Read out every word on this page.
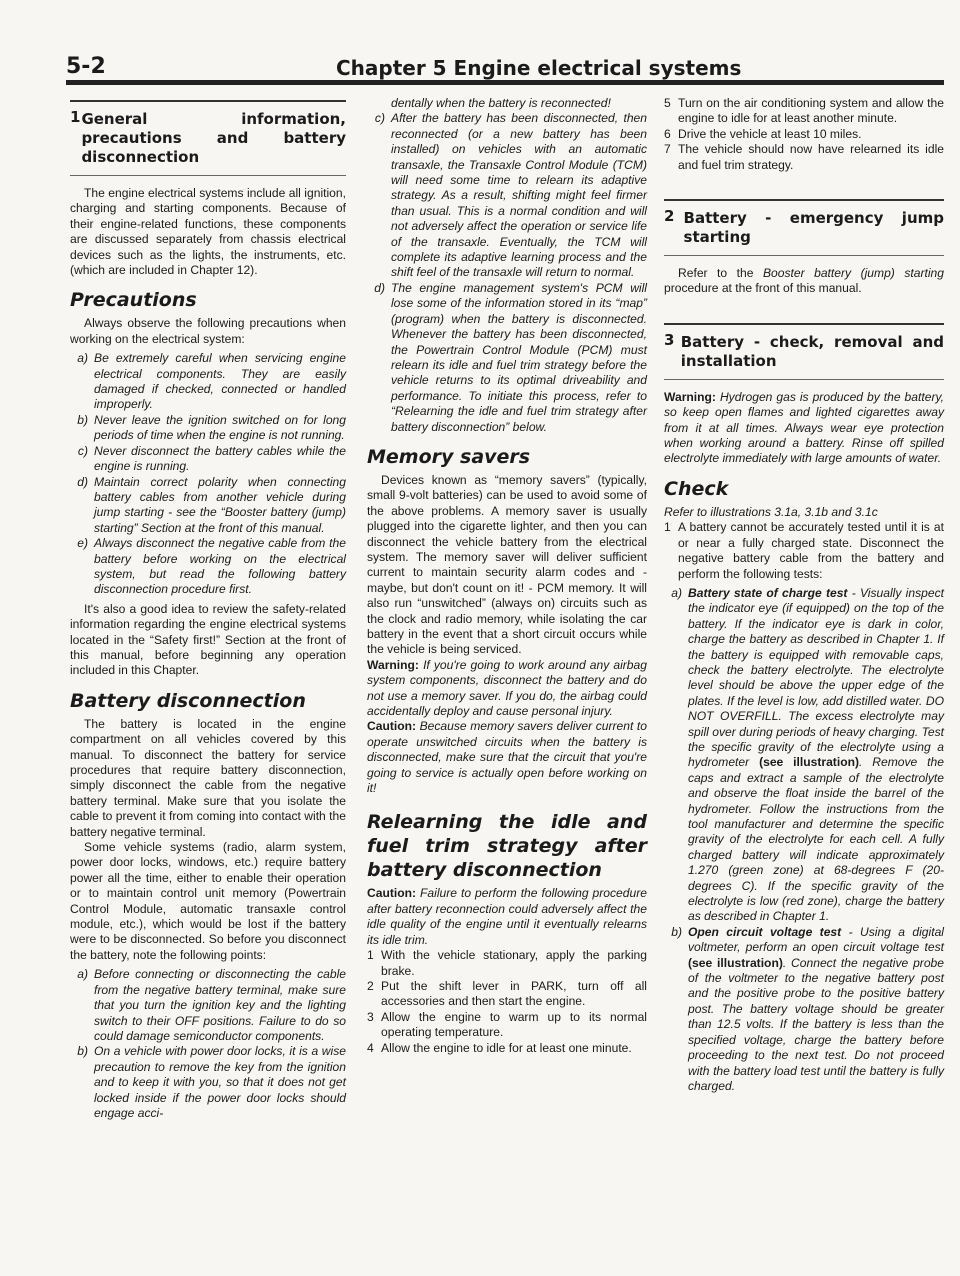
5-2	Chapter 5 Engine electrical systems
1 General information, precautions and battery disconnection

The engine electrical systems include all ignition, charging and starting components. Because of their engine-related functions, these components are discussed separately from chassis electrical devices such as the lights, the instruments, etc. (which are included in Chapter 12).

Precautions

Always observe the following precautions when working on the electrical system:

a) Be extremely careful when servicing engine electrical components. They are easily damaged if checked, connected or handled improperly.
b) Never leave the ignition switched on for long periods of time when the engine is not running.
c) Never disconnect the battery cables while the engine is running.
d) Maintain correct polarity when connecting battery cables from another vehicle during jump starting - see the “Booster battery (jump) starting” Section at the front of this manual.
e) Always disconnect the negative cable from the battery before working on the electrical system, but read the following battery disconnection procedure first.

It's also a good idea to review the safety-related information regarding the engine electrical systems located in the “Safety first!” Section at the front of this manual, before beginning any operation included in this Chapter.

Battery disconnection

The battery is located in the engine compartment on all vehicles covered by this manual. To disconnect the battery for service procedures that require battery disconnection, simply disconnect the cable from the negative battery terminal. Make sure that you isolate the cable to prevent it from coming into contact with the battery negative terminal.

Some vehicle systems (radio, alarm system, power door locks, windows, etc.) require battery power all the time, either to enable their operation or to maintain control unit memory (Powertrain Control Module, automatic transaxle control module, etc.), which would be lost if the battery were to be disconnected. So before you disconnect the battery, note the following points:

a) Before connecting or disconnecting the cable from the negative battery terminal, make sure that you turn the ignition key and the lighting switch to their OFF positions. Failure to do so could damage semiconductor components.
b) On a vehicle with power door locks, it is a wise precaution to remove the key from the ignition and to keep it with you, so that it does not get locked inside if the power door locks should engage acci-
dentally when the battery is reconnected!
c) After the battery has been disconnected, then reconnected (or a new battery has been installed) on vehicles with an automatic transaxle, the Transaxle Control Module (TCM) will need some time to relearn its adaptive strategy. As a result, shifting might feel firmer than usual. This is a normal condition and will not adversely affect the operation or service life of the transaxle. Eventually, the TCM will complete its adaptive learning process and the shift feel of the transaxle will return to normal.
d) The engine management system's PCM will lose some of the information stored in its “map” (program) when the battery is disconnected. Whenever the battery has been disconnected, the Powertrain Control Module (PCM) must relearn its idle and fuel trim strategy before the vehicle returns to its optimal driveability and performance. To initiate this process, refer to “Relearning the idle and fuel trim strategy after battery disconnection” below.
Memory savers

Devices known as “memory savers” (typically, small 9-volt batteries) can be used to avoid some of the above problems. A memory saver is usually plugged into the cigarette lighter, and then you can disconnect the vehicle battery from the electrical system. The memory saver will deliver sufficient current to maintain security alarm codes and - maybe, but don't count on it! - PCM memory. It will also run “unswitched” (always on) circuits such as the clock and radio memory, while isolating the car battery in the event that a short circuit occurs while the vehicle is being serviced.

Warning: If you're going to work around any airbag system components, disconnect the battery and do not use a memory saver. If you do, the airbag could accidentally deploy and cause personal injury.

Caution: Because memory savers deliver current to operate unswitched circuits when the battery is disconnected, make sure that the circuit that you're going to service is actually open before working on it!

Relearning the idle and fuel trim strategy after battery disconnection

Caution: Failure to perform the following procedure after battery reconnection could adversely affect the idle quality of the engine until it eventually relearns its idle trim.

1 With the vehicle stationary, apply the parking brake.
2 Put the shift lever in PARK, turn off all accessories and then start the engine.
3 Allow the engine to warm up to its normal operating temperature.
4 Allow the engine to idle for at least one minute.
5 Turn on the air conditioning system and allow the engine to idle for at least another minute.
6 Drive the vehicle at least 10 miles.
7 The vehicle should now have relearned its idle and fuel trim strategy.
2 Battery - emergency jump starting

Refer to the Booster battery (jump) starting procedure at the front of this manual.

3 Battery - check, removal and installation

Warning: Hydrogen gas is produced by the battery, so keep open flames and lighted cigarettes away from it at all times. Always wear eye protection when working around a battery. Rinse off spilled electrolyte immediately with large amounts of water.

Check

Refer to illustrations 3.1a, 3.1b and 3.1c

1 A battery cannot be accurately tested until it is at or near a fully charged state. Disconnect the negative battery cable from the battery and perform the following tests:
a) Battery state of charge test - Visually inspect the indicator eye (if equipped) on the top of the battery. If the indicator eye is dark in color, charge the battery as described in Chapter 1. If the battery is equipped with removable caps, check the battery electrolyte. The electrolyte level should be above the upper edge of the plates. If the level is low, add distilled water. DO NOT OVERFILL. The excess electrolyte may spill over during periods of heavy charging. Test the specific gravity of the electrolyte using a hydrometer (see illustration). Remove the caps and extract a sample of the electrolyte and observe the float inside the barrel of the hydrometer. Follow the instructions from the tool manufacturer and determine the specific gravity of the electrolyte for each cell. A fully charged battery will indicate approximately 1.270 (green zone) at 68-degrees F (20-degrees C). If the specific gravity of the electrolyte is low (red zone), charge the battery as described in Chapter 1.
b) Open circuit voltage test - Using a digital voltmeter, perform an open circuit voltage test (see illustration). Connect the negative probe of the voltmeter to the negative battery post and the positive probe to the positive battery post. The battery voltage should be greater than 12.5 volts. If the battery is less than the specified voltage, charge the battery before proceeding to the next test. Do not proceed with the battery load test until the battery is fully charged.
